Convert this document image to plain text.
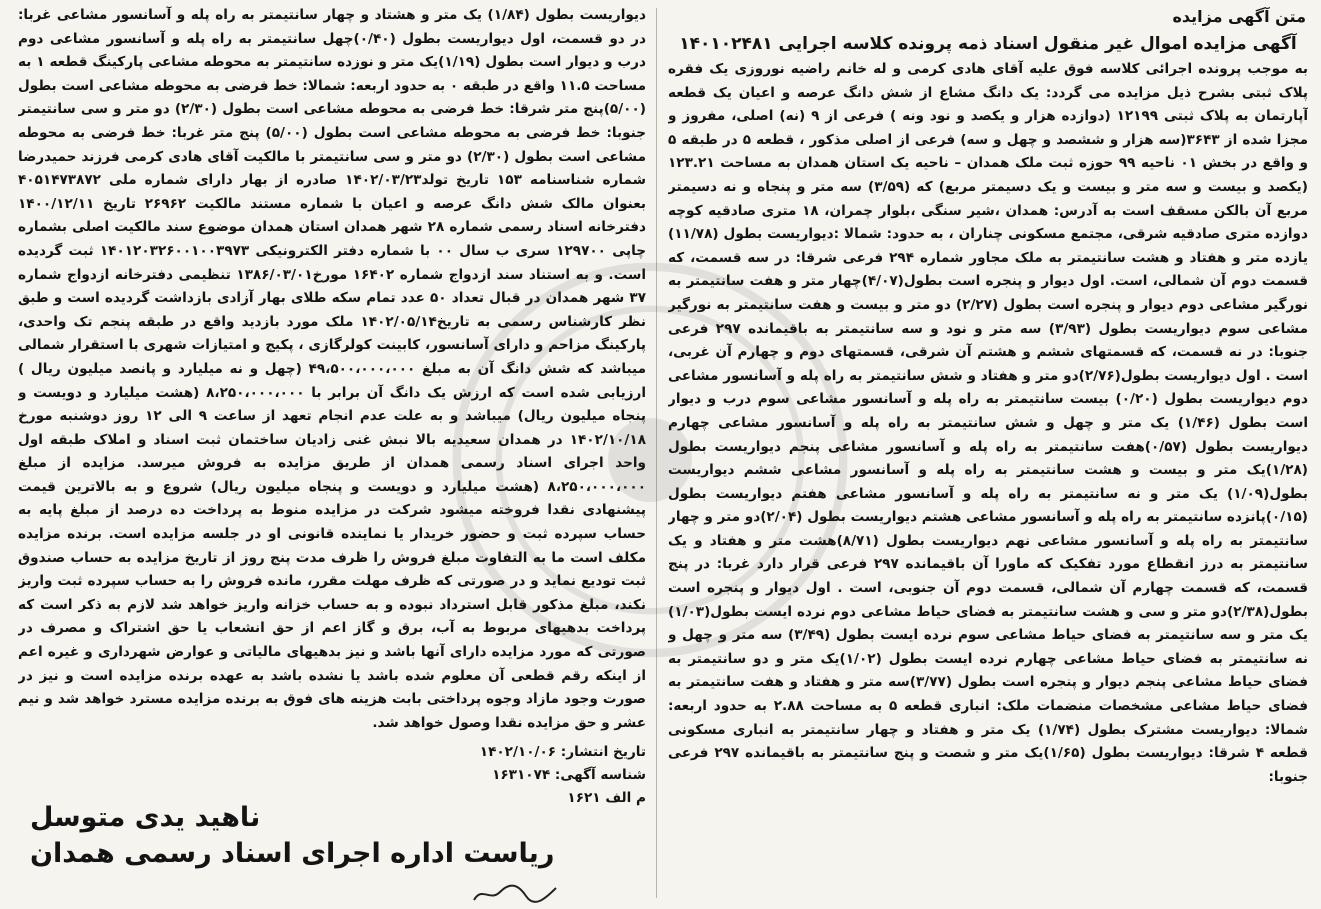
متن آگهی مزایده

آگهی مزایده اموال غیر منقول اسناد ذمه پرونده کلاسه اجرایی ۱۴۰۱۰۲۴۸۱

به موجب پرونده اجرائی کلاسه فوق علیه آقای هادی کرمی و له خانم راضیه نوروزی یک فقره پلاک ثبتی بشرح ذیل مزایده می گردد: یک دانگ مشاع از شش دانگ عرصه و اعیان یک قطعه آپارتمان به پلاک ثبتی ۱۲۱۹۹ (دوازده هزار و یکصد و نود ونه ) فرعی از ۹ (نه) اصلی، مفروز و مجزا شده از ۳۶۴۳(سه هزار و ششصد و چهل و سه) فرعی از اصلی مذکور ، قطعه ۵ در طبقه ۵ و واقع در بخش ۰۱ ناحیه ۹۹ حوزه ثبت ملک همدان – ناحیه یک استان همدان به مساحت ۱۲۳.۲۱ (یکصد و بیست و سه متر و بیست و یک دسیمتر مربع) که (۳/۵۹) سه متر و پنجاه و نه دسیمتر مربع آن بالکن مسقف است به آدرس: همدان ،شیر سنگی ،بلوار چمران، ۱۸ متری صادقیه کوچه دوازده متری صادقیه شرقی، مجتمع مسکونی چناران ، به حدود: شمالا :دیواریست بطول (۱۱/۷۸) یازده متر و هفتاد و هشت سانتیمتر به ملک مجاور شماره ۲۹۴ فرعی شرقا: در سه قسمت، که قسمت دوم آن شمالی، است. اول دیوار و پنجره است بطول(۴/۰۷)چهار متر و هفت سانتیمتر به نورگیر مشاعی دوم دیوار و پنجره است بطول (۲/۲۷) دو متر و بیست و هفت سانتیمتر به نورگیر مشاعی سوم دیواریست بطول (۳/۹۳) سه متر و نود و سه سانتیمتر به باقیمانده ۲۹۷ فرعی جنوبا: در نه قسمت، که قسمتهای ششم و هشتم آن شرقی، قسمتهای دوم و چهارم آن غربی، است . اول دیواریست بطول(۲/۷۶)دو متر و هفتاد و شش سانتیمتر به راه پله و آسانسور مشاعی دوم دیواریست بطول (۰/۲۰) بیست سانتیمتر به راه پله و آسانسور مشاعی سوم درب و دیوار است بطول (۱/۴۶) یک متر و چهل و شش سانتیمتر به راه پله و آسانسور مشاعی چهارم دیواریست بطول (۰/۵۷)هفت سانتیمتر به راه پله و آسانسور مشاعی پنجم دیواریست بطول (۱/۲۸)یک متر و بیست و هشت سانتیمتر به راه پله و آسانسور مشاعی ششم دیواریست بطول(۱/۰۹) یک متر و نه سانتیمتر به راه پله و آسانسور مشاعی هفتم دیواریست بطول (۰/۱۵)پانزده سانتیمتر به راه پله و آسانسور مشاعی هشتم دیواریست بطول (۲/۰۴)دو متر و چهار سانتیمتر به راه پله و آسانسور مشاعی نهم دیواریست بطول (۸/۷۱)هشت متر و هفتاد و یک سانتیمتر به درز انقطاع مورد تفکیک که ماورا آن باقیمانده ۲۹۷ فرعی قرار دارد غربا: در پنج قسمت، که قسمت چهارم آن شمالی، قسمت دوم آن جنوبی، است . اول دیوار و پنجره است بطول(۲/۳۸)دو متر و سی و هشت سانتیمتر به فضای حیاط مشاعی دوم نرده ایست بطول(۱/۰۳) یک متر و سه سانتیمتر به فضای حیاط مشاعی سوم نرده ایست بطول (۳/۴۹) سه متر و چهل و نه سانتیمتر به فضای حیاط مشاعی چهارم نرده ایست بطول (۱/۰۲)یک متر و دو سانتیمتر به فضای حیاط مشاعی پنجم دیوار و پنجره است بطول (۳/۷۷)سه متر و هفتاد و هفت سانتیمتر به فضای حیاط مشاعی مشخصات منضمات ملک: انباری قطعه ۵ به مساحت ۲.۸۸ به حدود اربعه: شمالا: دیواریست مشترک بطول (۱/۷۴) یک متر و هفتاد و چهار سانتیمتر به انباری مسکونی قطعه ۴ شرقا: دیواریست بطول (۱/۶۵)یک متر و شصت و پنج سانتیمتر به باقیمانده ۲۹۷ فرعی جنوبا:

دیواریست بطول (۱/۸۴) یک متر و هشتاد و چهار سانتیمتر به راه پله و آسانسور مشاعی غربا: در دو قسمت، اول دیواریست بطول (۰/۴۰)چهل سانتیمتر به راه پله و آسانسور مشاعی دوم درب و دیوار است بطول (۱/۱۹)یک متر و نوزده سانتیمتر به محوطه مشاعی پارکینگ قطعه ۱ به مساحت ۱۱.۵ واقع در طبقه ۰ به حدود اربعه: شمالا: خط فرضی به محوطه مشاعی است بطول (۵/۰۰)پنج متر شرقا: خط فرضی به محوطه مشاعی است بطول (۲/۳۰) دو متر و سی سانتیمتر جنوبا: خط فرضی به محوطه مشاعی است بطول (۵/۰۰) پنج متر غربا: خط فرضی به محوطه مشاعی است بطول (۲/۳۰) دو متر و سی سانتیمتر با مالکیت آقای هادی کرمی فرزند حمیدرضا شماره شناسنامه ۱۵۳ تاریخ تولد۱۴۰۲/۰۳/۲۳ صادره از بهار دارای شماره ملی ۴۰۵۱۴۷۳۸۷۲ بعنوان مالک شش دانگ عرصه و اعیان با شماره مستند مالکیت ۲۶۹۶۲ تاریخ ۱۴۰۰/۱۲/۱۱ دفترخانه اسناد رسمی شماره ۲۸ شهر همدان استان همدان موضوع سند مالکیت اصلی بشماره چاپی ۱۲۹۷۰۰ سری ب سال ۰۰ با شماره دفتر الکترونیکی ۱۴۰۱۲۰۳۲۶۰۰۱۰۰۳۹۷۳ ثبت گردیده است. و به استناد سند ازدواج شماره ۱۶۴۰۲ مورخ۱۳۸۶/۰۳/۰۱ تنظیمی دفترخانه ازدواج شماره ۳۷ شهر همدان در قبال تعداد ۵۰ عدد تمام سکه طلای بهار آزادی بازداشت گردیده است و طبق نظر کارشناس رسمی به تاریخ۱۴۰۲/۰۵/۱۴ ملک مورد بازدید واقع در طبقه پنجم تک واحدی، پارکینگ مزاحم و دارای آسانسور، کابینت کولرگازی ، پکیج و امتیازات شهری با استقرار شمالی میباشد که شش دانگ آن به مبلغ ۴۹،۵۰۰،۰۰۰،۰۰۰ (چهل و نه میلیارد و پانصد میلیون ریال ) ارزیابی شده است که ارزش یک دانگ آن برابر با ۸،۲۵۰،۰۰۰،۰۰۰ (هشت میلیارد و دویست و پنجاه میلیون ریال) میباشد و به علت عدم انجام تعهد از ساعت ۹ الی ۱۲ روز دوشنبه مورخ ۱۴۰۲/۱۰/۱۸ در همدان سعیدیه بالا نبش غنی زادیان ساختمان ثبت اسناد و املاک طبقه اول واحد اجرای اسناد رسمی همدان از طریق مزایده به فروش میرسد. مزایده از مبلغ ۸،۲۵۰،۰۰۰،۰۰۰ (هشت میلیارد و دویست و پنجاه میلیون ریال) شروع و به بالاترین قیمت پیشنهادی نقدا فروخته میشود شرکت در مزایده منوط به پرداخت ده درصد از مبلغ پایه به حساب سپرده ثبت و حضور خریدار یا نماینده قانونی او در جلسه مزایده است. برنده مزایده مکلف است ما به التفاوت مبلغ فروش را ظرف مدت پنج روز از تاریخ مزایده به حساب صندوق ثبت تودیع نماید و در صورتی که ظرف مهلت مقرر، مانده فروش را به حساب سپرده ثبت واریز نکند، مبلغ مذکور قابل استرداد نبوده و به حساب خزانه واریز خواهد شد لازم به ذکر است که پرداخت بدهیهای مربوط به آب، برق و گاز اعم از حق انشعاب یا حق اشتراک و مصرف در صورتی که مورد مزایده دارای آنها باشد و نیز بدهیهای مالیاتی و عوارض شهرداری و غیره اعم از اینکه رقم قطعی آن معلوم شده باشد یا نشده باشد به عهده برنده مزایده است و نیز در صورت وجود مازاد وجوه پرداختی بابت هزینه های فوق به برنده مزایده مسترد خواهد شد و نیم عشر و حق مزایده نقدا وصول خواهد شد.

تاریخ انتشار: ۱۴۰۲/۱۰/۰۶
شناسه آگهی: ۱۶۳۱۰۷۴
م الف ۱۶۲۱

ناهید یدی متوسل

ریاست اداره اجرای اسناد رسمی همدان
